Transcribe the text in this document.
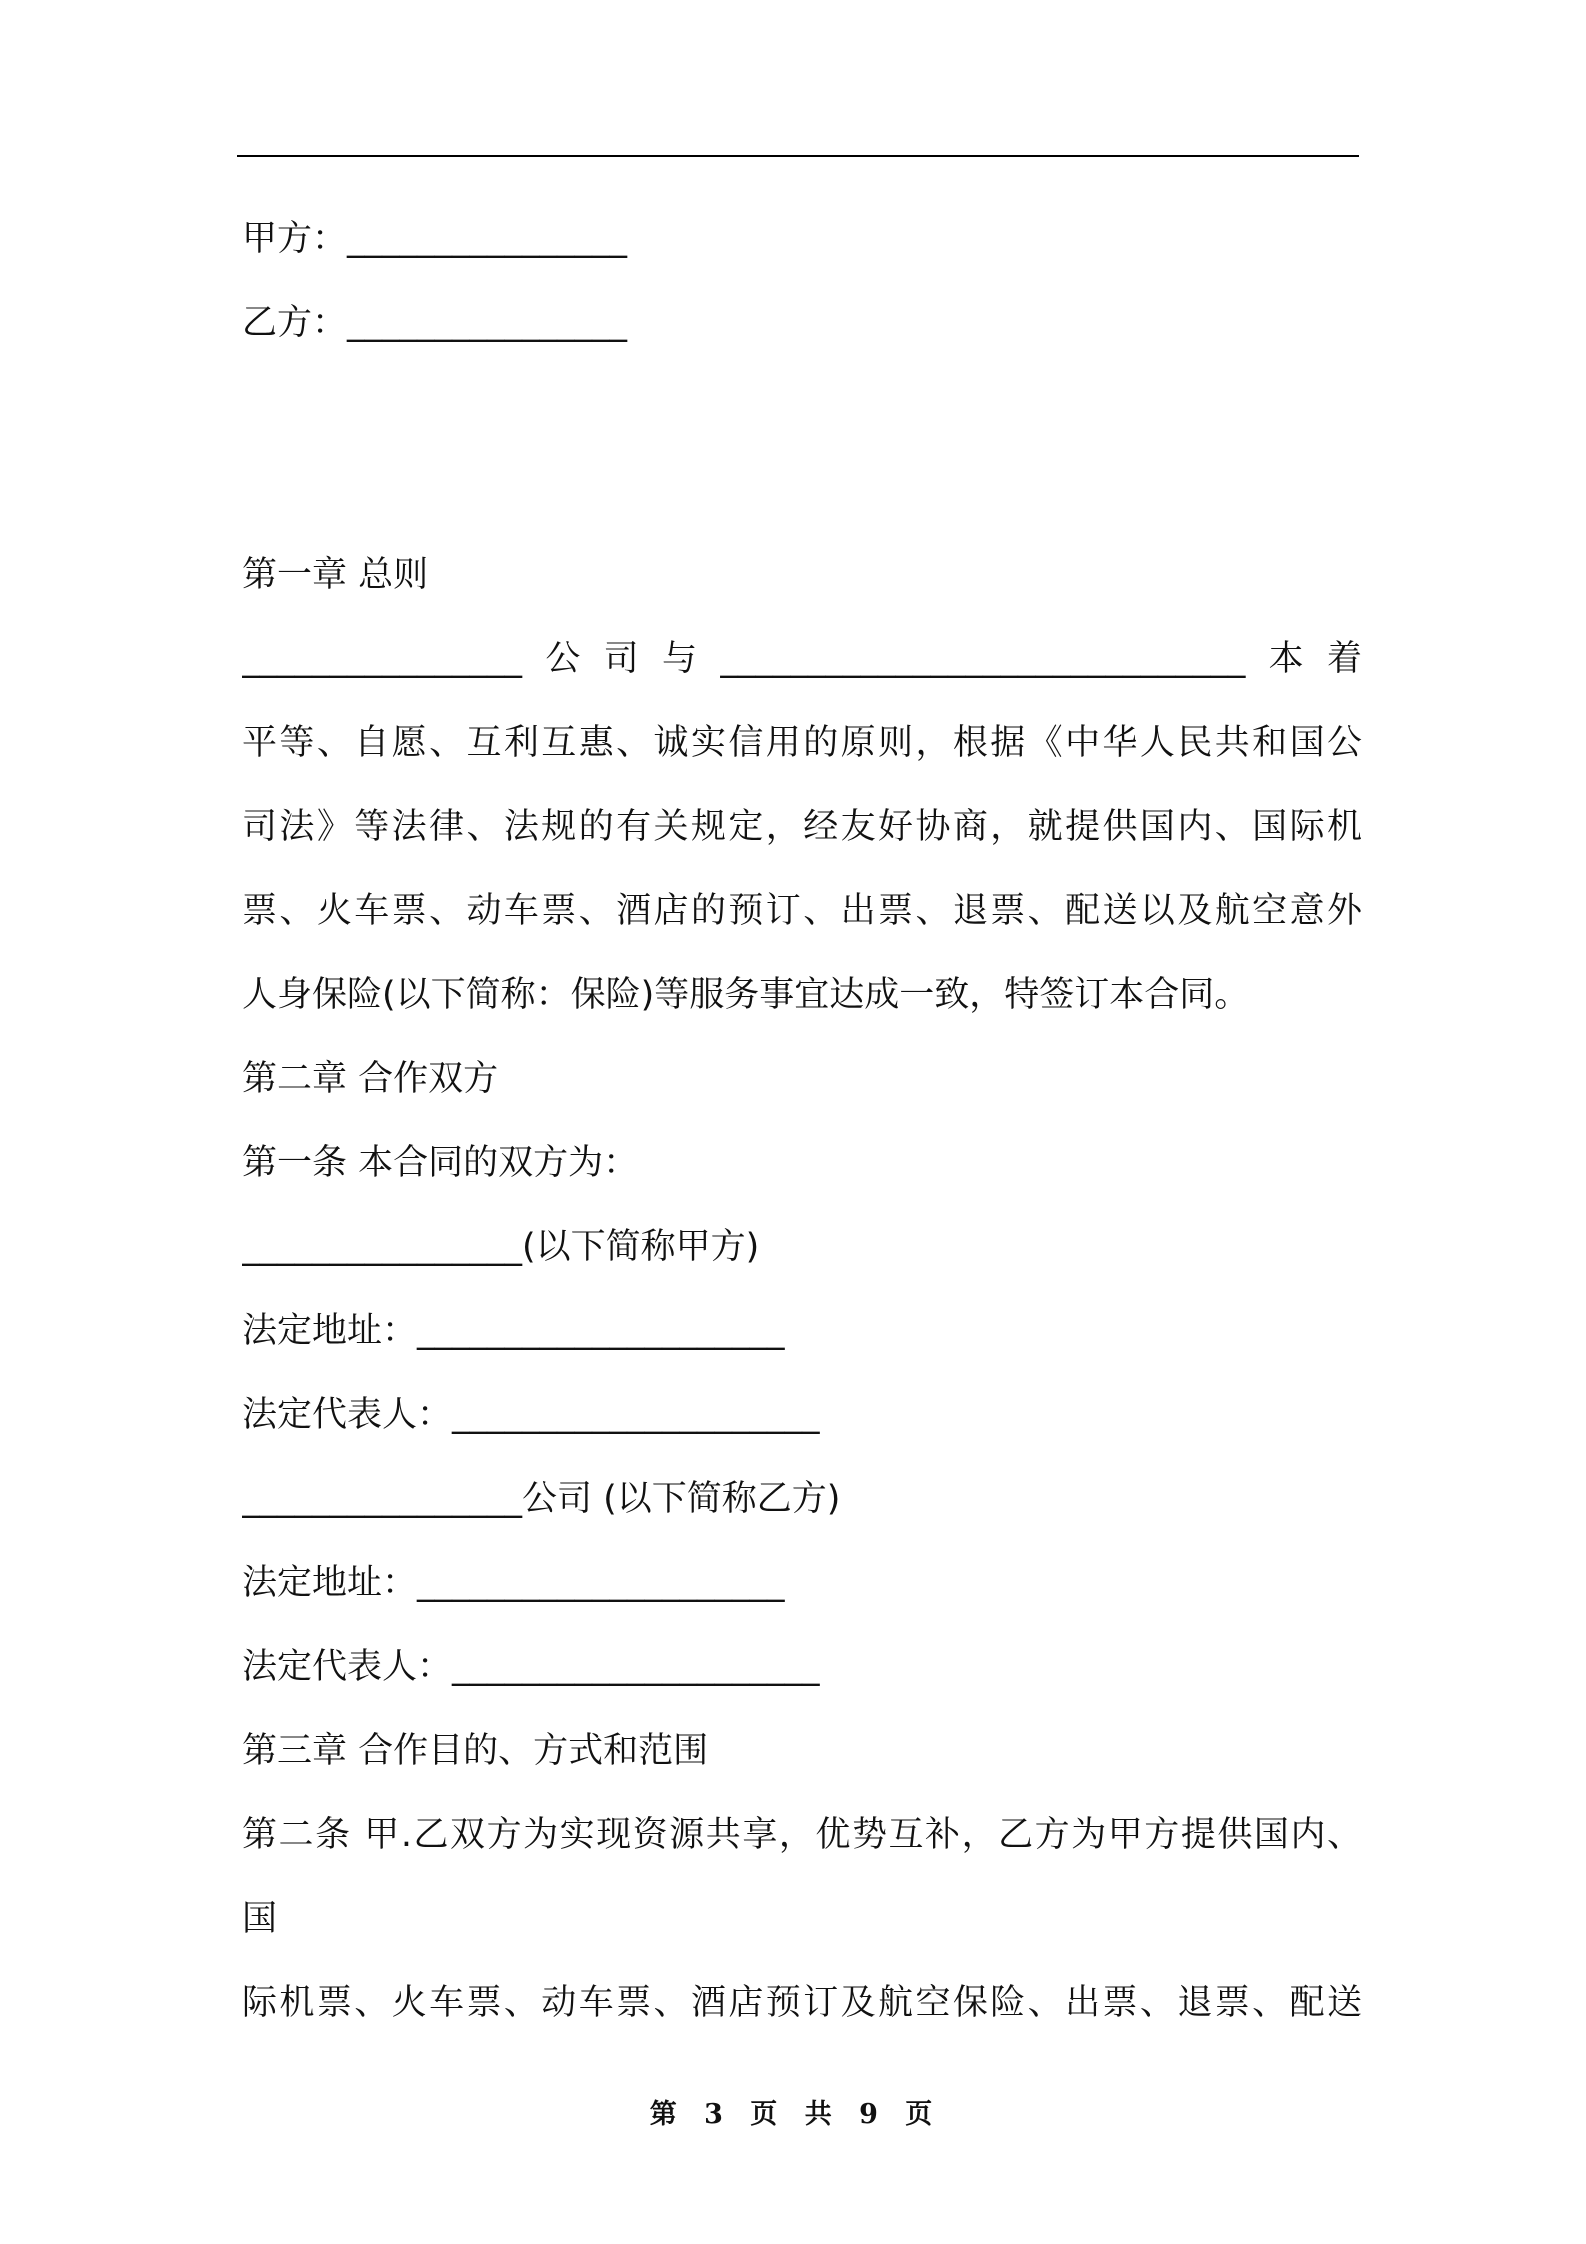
甲方：________________
乙方：________________
第一章 总则
________________公司与______________________________本着
平等、自愿、互利互惠、诚实信用的原则，根据《中华人民共和国公
司法》等法律、法规的有关规定，经友好协商，就提供国内、国际机
票、火车票、动车票、酒店的预订、出票、退票、配送以及航空意外
人身保险(以下简称：保险)等服务事宜达成一致，特签订本合同。
第二章 合作双方
第一条 本合同的双方为：
________________(以下简称甲方)
法定地址：_____________________
法定代表人：_____________________
________________公司 (以下简称乙方)
法定地址：_____________________
法定代表人：_____________________
第三章 合作目的、方式和范围
第二条 甲.乙双方为实现资源共享，优势互补，乙方为甲方提供国内、
国
际机票、火车票、动车票、酒店预订及航空保险、出票、退票、配送
第 3 页 共 9 页
